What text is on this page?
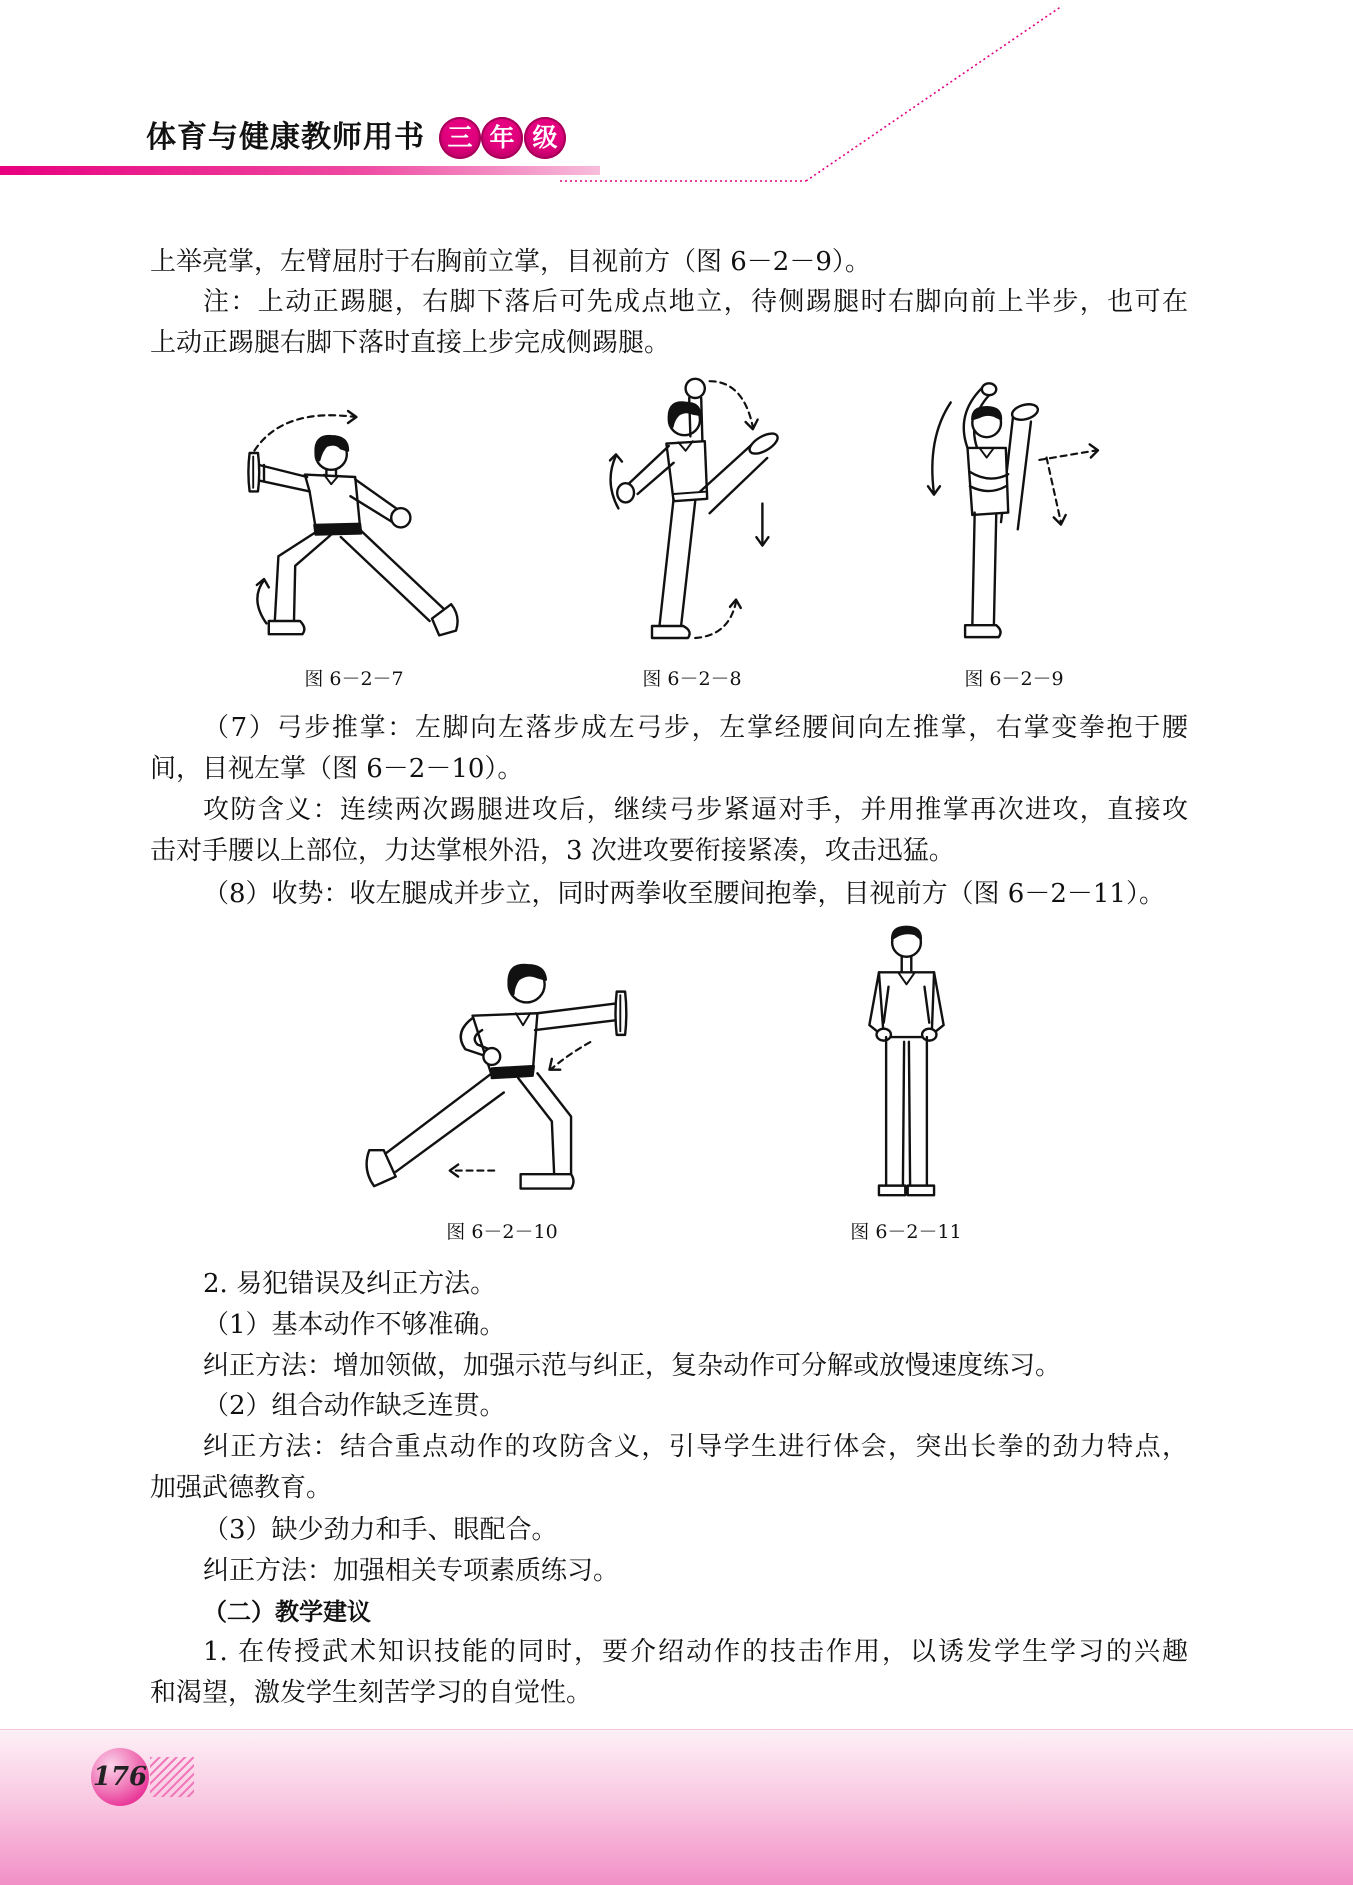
体育与健康教师用书 三 年 级
上举亮掌，左臂屈肘于右胸前立掌，目视前方（图 6－2－9）。
注：上动正踢腿，右脚下落后可先成点地立，待侧踢腿时右脚向前上半步，也可在
上动正踢腿右脚下落时直接上步完成侧踢腿。
图 6－2－7	图 6－2－8	图 6－2－9
（7）弓步推掌：左脚向左落步成左弓步，左掌经腰间向左推掌，右掌变拳抱于腰
间，目视左掌（图 6－2－10）。
攻防含义：连续两次踢腿进攻后，继续弓步紧逼对手，并用推掌再次进攻，直接攻
击对手腰以上部位，力达掌根外沿，3 次进攻要衔接紧凑，攻击迅猛。
（8）收势：收左腿成并步立，同时两拳收至腰间抱拳，目视前方（图 6－2－11）。
图 6－2－10	图 6－2－11
2. 易犯错误及纠正方法。
（1）基本动作不够准确。
纠正方法：增加领做，加强示范与纠正，复杂动作可分解或放慢速度练习。
（2）组合动作缺乏连贯。
纠正方法：结合重点动作的攻防含义，引导学生进行体会，突出长拳的劲力特点，
加强武德教育。
（3）缺少劲力和手、眼配合。
纠正方法：加强相关专项素质练习。
（二）教学建议
1. 在传授武术知识技能的同时，要介绍动作的技击作用，以诱发学生学习的兴趣
和渴望，激发学生刻苦学习的自觉性。
176
